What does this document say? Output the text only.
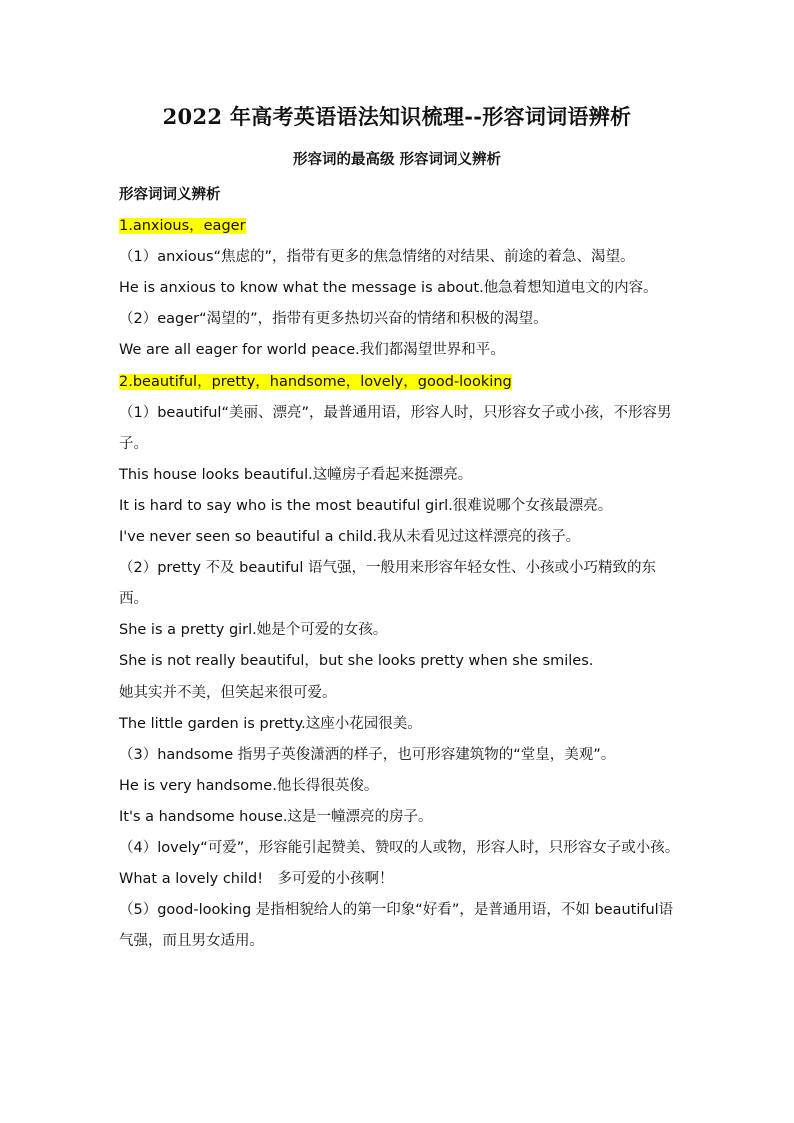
2022 年高考英语语法知识梳理--形容词词语辨析
形容词的最高级 形容词词义辨析
形容词词义辨析
1.anxious，eager
（1）anxious“焦虑的”，指带有更多的焦急情绪的对结果、前途的着急、渴望。
He is anxious to know what the message is about.他急着想知道电文的内容。
（2）eager“渴望的”，指带有更多热切兴奋的情绪和积极的渴望。
We are all eager for world peace.我们都渴望世界和平。
2.beautiful，pretty，handsome，lovely，good-looking
（1）beautiful“美丽、漂亮”，最普通用语，形容人时，只形容女子或小孩，不形容男子。
This house looks beautiful.这幢房子看起来挺漂亮。
It is hard to say who is the most beautiful girl.很难说哪个女孩最漂亮。
I've never seen so beautiful a child.我从未看见过这样漂亮的孩子。
（2）pretty 不及 beautiful 语气强，一般用来形容年轻女性、小孩或小巧精致的东西。
She is a pretty girl.她是个可爱的女孩。
She is not really beautiful，but she looks pretty when she smiles.
她其实并不美，但笑起来很可爱。
The little garden is pretty.这座小花园很美。
（3）handsome 指男子英俊潇洒的样子，也可形容建筑物的“堂皇，美观”。
He is very handsome.他长得很英俊。
It's a handsome house.这是一幢漂亮的房子。
（4）lovely“可爱”，形容能引起赞美、赞叹的人或物，形容人时，只形容女子或小孩。
What a lovely child!　多可爱的小孩啊！
（5）good-looking 是指相貌给人的第一印象“好看”，是普通用语，不如 beautiful语气强，而且男女适用。
